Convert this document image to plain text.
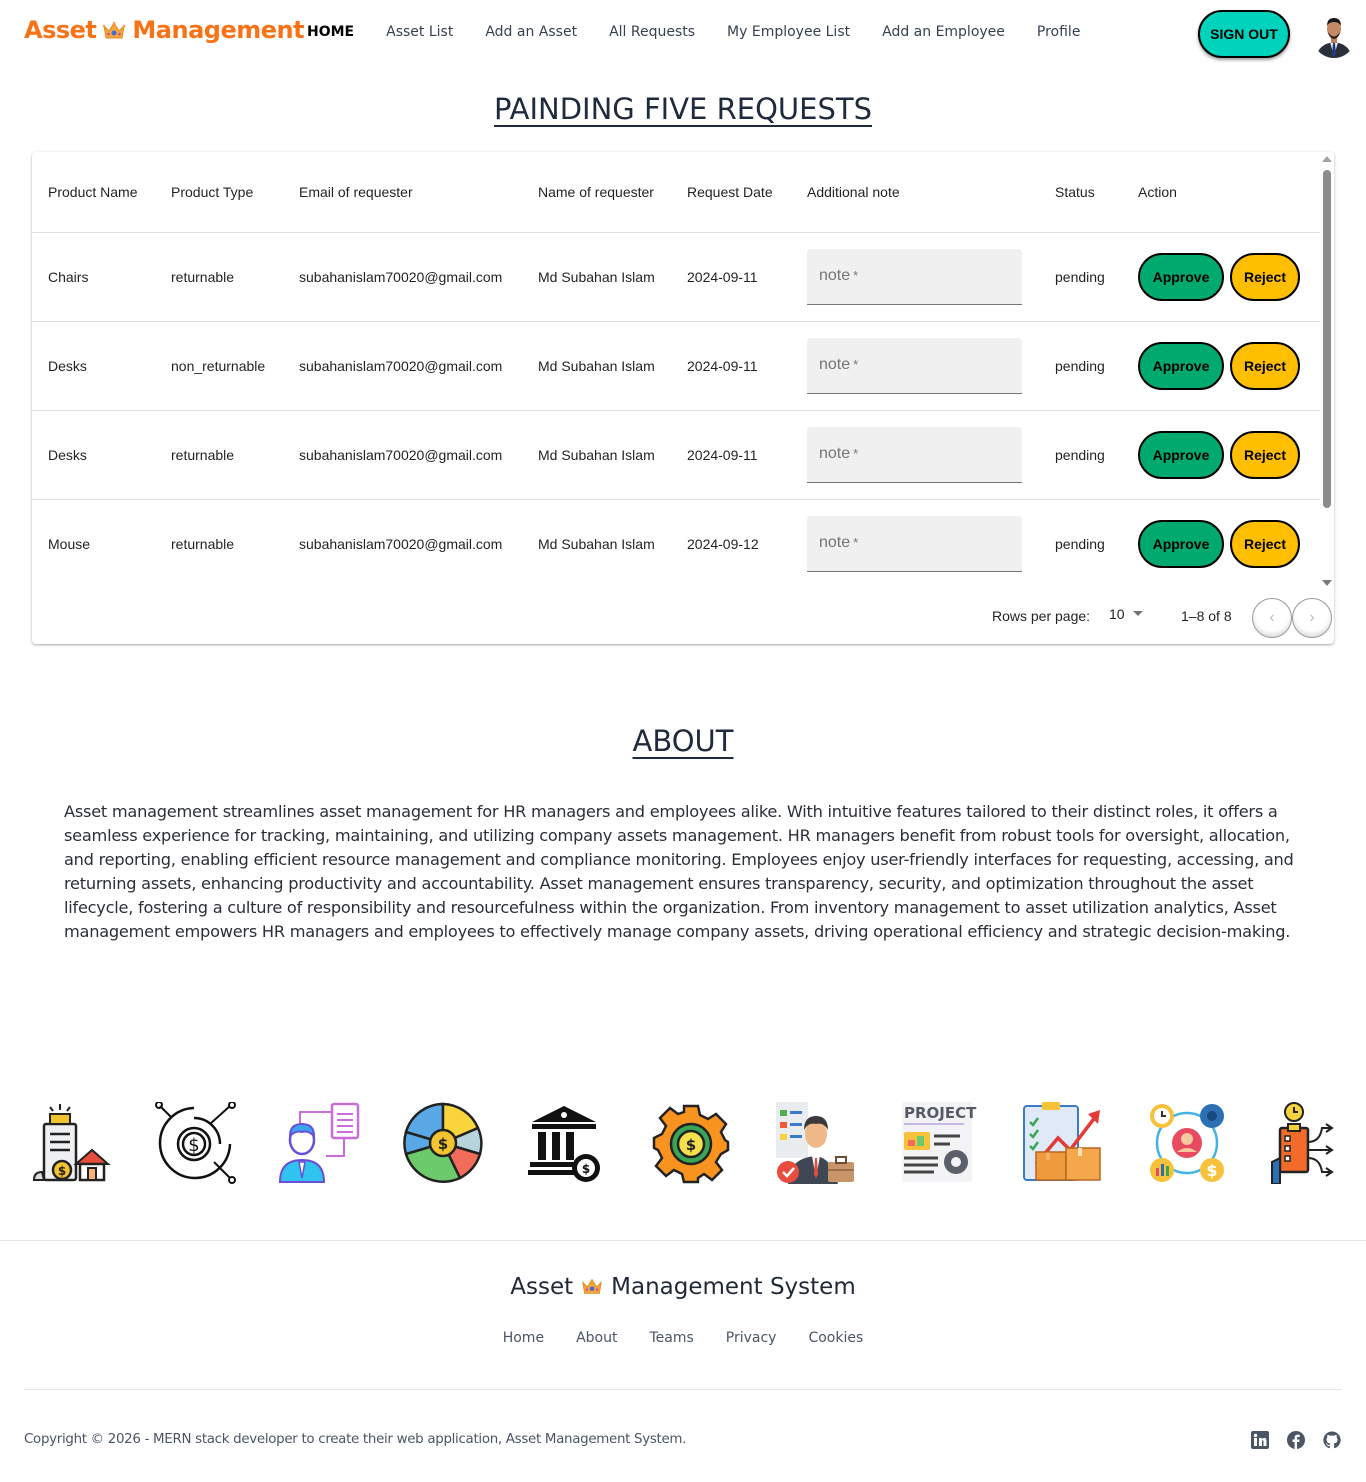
Asset Management HOME Asset List Add an Asset All Requests My Employee List Add an Employee Profile	SIGN OUT
PAINDING FIVE REQUESTS
Product Name	Product Type	Email of requester	Name of requester	Request Date	Additional note	Status	Action
Chairs	returnable	subahanislam70020@gmail.com	Md Subahan Islam	2024-09-11	note *	pending	Approve Reject
Desks	non_returnable	subahanislam70020@gmail.com	Md Subahan Islam	2024-09-11	note *	pending	Approve Reject
Desks	returnable	subahanislam70020@gmail.com	Md Subahan Islam	2024-09-11	note *	pending	Approve Reject
Mouse	returnable	subahanislam70020@gmail.com	Md Subahan Islam	2024-09-12	note *	pending	Approve Reject
Rows per page: 10	1–8 of 8 ‹ ›
ABOUT

Asset management streamlines asset management for HR managers and employees alike. With intuitive features tailored to their distinct roles, it offers a seamless experience for tracking, maintaining, and utilizing company assets management. HR managers benefit from robust tools for oversight, allocation, and reporting, enabling efficient resource management and compliance monitoring. Employees enjoy user-friendly interfaces for requesting, accessing, and returning assets, enhancing productivity and accountability. Asset management ensures transparency, security, and optimization throughout the asset lifecycle, fostering a culture of responsibility and resourcefulness within the organization. From inventory management to asset utilization analytics, Asset management empowers HR managers and employees to effectively manage company assets, driving operational efficiency and strategic decision-making.

$
$	$
$
$
PROJECT
$
Asset Management System
Home About Teams Privacy Cookies

Copyright © 2026 - MERN stack developer to create their web application, Asset Management System.
